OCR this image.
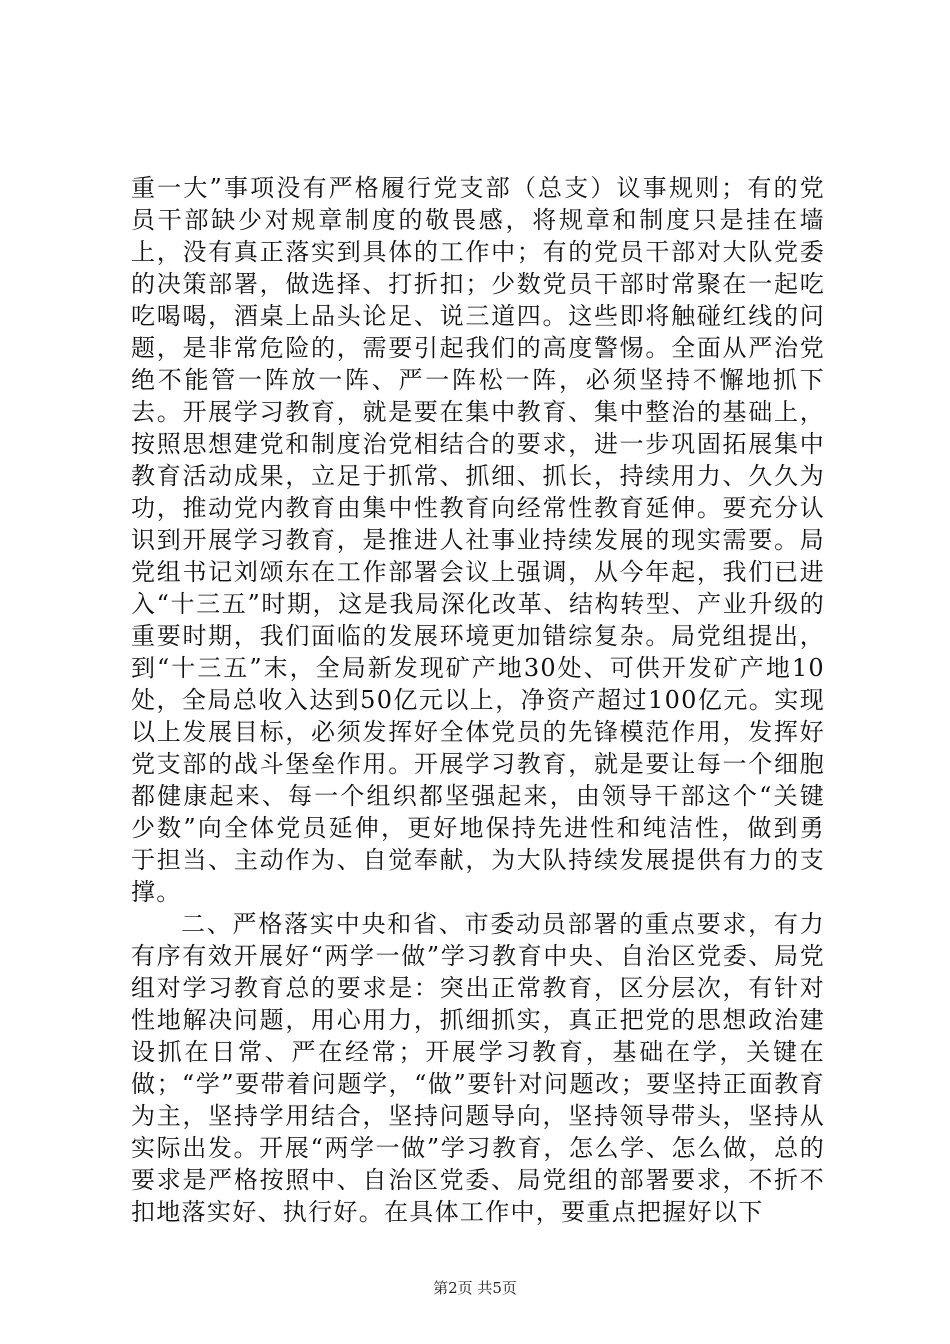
重一大”事项没有严格履行党支部（总支）议事规则；有的党员干部缺少对规章制度的敬畏感，将规章和制度只是挂在墙上，没有真正落实到具体的工作中；有的党员干部对大队党委的决策部署，做选择、打折扣；少数党员干部时常聚在一起吃吃喝喝，酒桌上品头论足、说三道四。这些即将触碰红线的问题，是非常危险的，需要引起我们的高度警惕。全面从严治党绝不能管一阵放一阵、严一阵松一阵，必须坚持不懈地抓下去。开展学习教育，就是要在集中教育、集中整治的基础上，按照思想建党和制度治党相结合的要求，进一步巩固拓展集中教育活动成果，立足于抓常、抓细、抓长，持续用力、久久为功，推动党内教育由集中性教育向经常性教育延伸。要充分认识到开展学习教育，是推进人社事业持续发展的现实需要。局党组书记刘颂东在工作部署会议上强调，从今年起，我们已进入“十三五”时期，这是我局深化改革、结构转型、产业升级的重要时期，我们面临的发展环境更加错综复杂。局党组提出，到“十三五”末，全局新发现矿产地30处、可供开发矿产地10处，全局总收入达到50亿元以上，净资产超过100亿元。实现以上发展目标，必须发挥好全体党员的先锋模范作用，发挥好党支部的战斗堡垒作用。开展学习教育，就是要让每一个细胞都健康起来、每一个组织都坚强起来，由领导干部这个“关键少数”向全体党员延伸，更好地保持先进性和纯洁性，做到勇于担当、主动作为、自觉奉献，为大队持续发展提供有力的支撑。

二、严格落实中央和省、市委动员部署的重点要求，有力有序有效开展好“两学一做”学习教育中央、自治区党委、局党组对学习教育总的要求是：突出正常教育，区分层次，有针对性地解决问题，用心用力，抓细抓实，真正把党的思想政治建设抓在日常、严在经常；开展学习教育，基础在学，关键在做；“学”要带着问题学，“做”要针对问题改；要坚持正面教育为主，坚持学用结合，坚持问题导向，坚持领导带头，坚持从实际出发。开展“两学一做”学习教育，怎么学、怎么做，总的要求是严格按照中、自治区党委、局党组的部署要求，不折不扣地落实好、执行好。在具体工作中，要重点把握好以下

第2页 共5页
